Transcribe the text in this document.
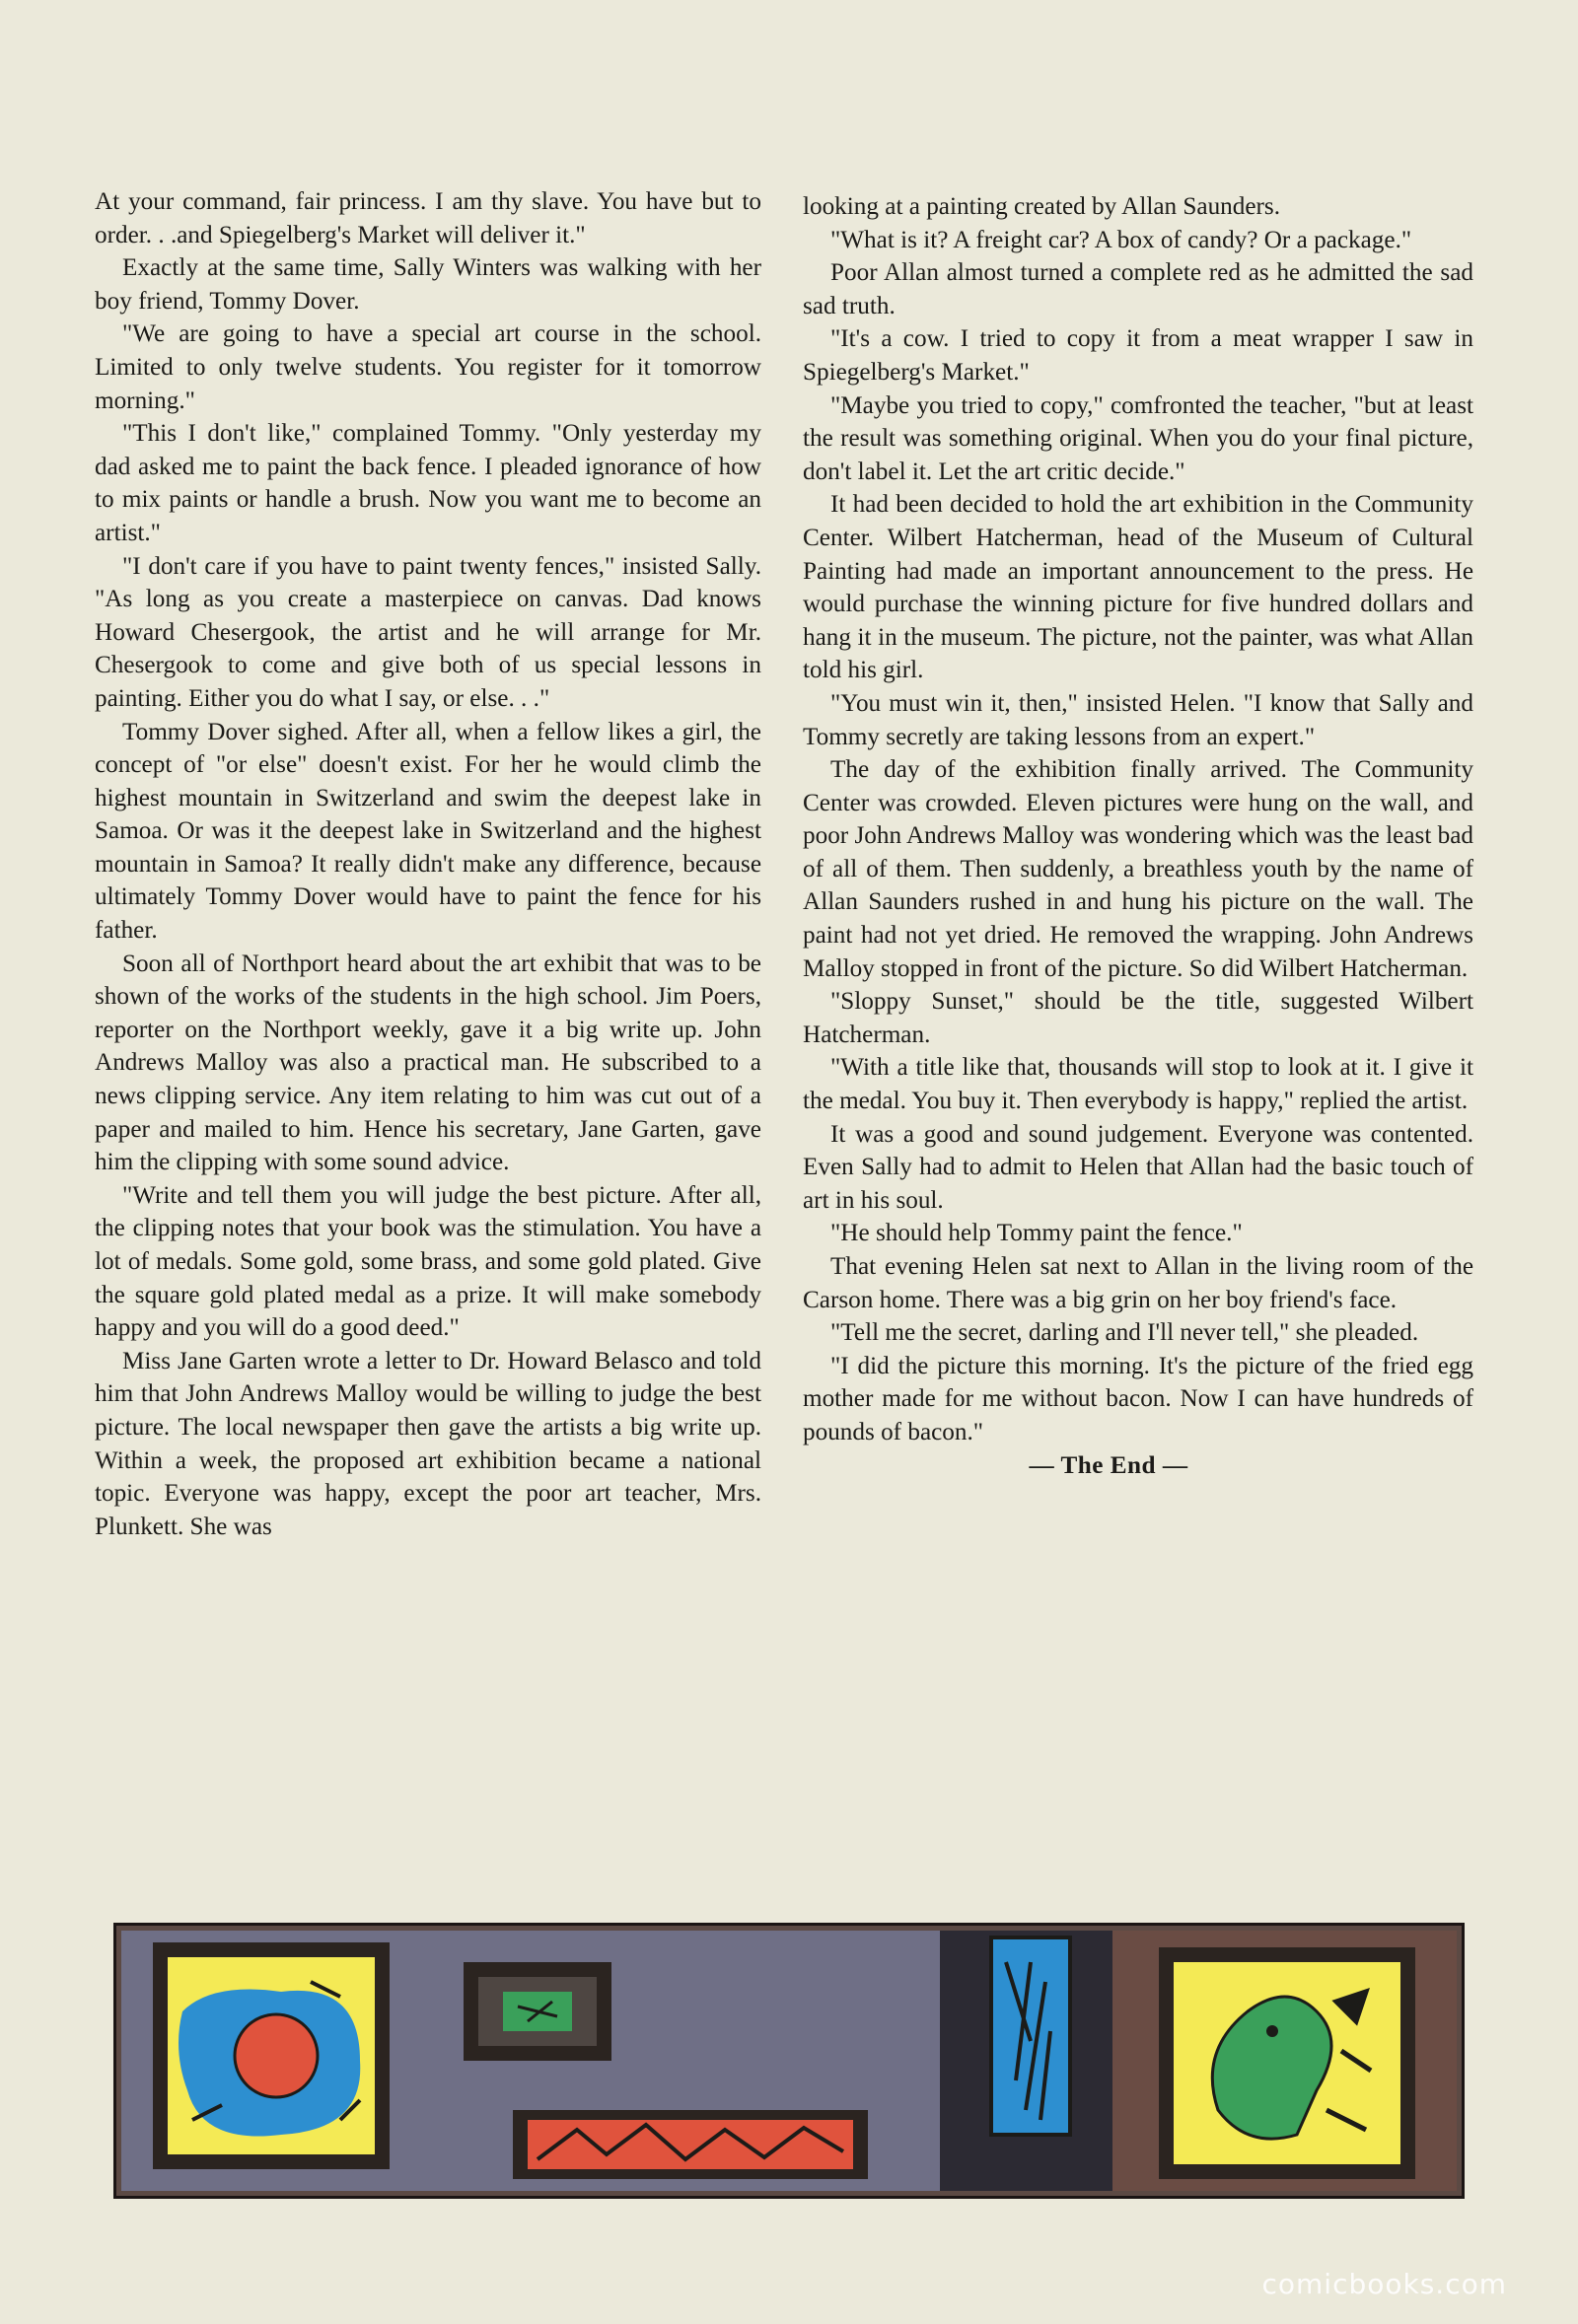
At your command, fair princess. I am thy slave. You have but to order. . .and Spiegelberg's Market will deliver it."

Exactly at the same time, Sally Winters was walking with her boy friend, Tommy Dover.

"We are going to have a special art course in the school. Limited to only twelve students. You register for it tomorrow morning."

"This I don't like," complained Tommy. "Only yesterday my dad asked me to paint the back fence. I pleaded ignorance of how to mix paints or handle a brush. Now you want me to become an artist."

"I don't care if you have to paint twenty fences," insisted Sally. "As long as you create a masterpiece on canvas. Dad knows Howard Chesergook, the artist and he will arrange for Mr. Chesergook to come and give both of us special lessons in painting. Either you do what I say, or else. . ."

Tommy Dover sighed. After all, when a fellow likes a girl, the concept of "or else" doesn't exist. For her he would climb the highest mountain in Switzerland and swim the deepest lake in Samoa. Or was it the deepest lake in Switzerland and the highest mountain in Samoa? It really didn't make any difference, because ultimately Tommy Dover would have to paint the fence for his father.

Soon all of Northport heard about the art exhibit that was to be shown of the works of the students in the high school. Jim Poers, reporter on the Northport weekly, gave it a big write up. John Andrews Malloy was also a practical man. He subscribed to a news clipping service. Any item relating to him was cut out of a paper and mailed to him. Hence his secretary, Jane Garten, gave him the clipping with some sound advice.

"Write and tell them you will judge the best picture. After all, the clipping notes that your book was the stimulation. You have a lot of medals. Some gold, some brass, and some gold plated. Give the square gold plated medal as a prize. It will make somebody happy and you will do a good deed."

Miss Jane Garten wrote a letter to Dr. Howard Belasco and told him that John Andrews Malloy would be willing to judge the best picture. The local newspaper then gave the artists a big write up. Within a week, the proposed art exhibition became a national topic. Everyone was happy, except the poor art teacher, Mrs. Plunkett. She was

looking at a painting created by Allan Saunders.

"What is it? A freight car? A box of candy? Or a package."

Poor Allan almost turned a complete red as he admitted the sad sad truth.

"It's a cow. I tried to copy it from a meat wrapper I saw in Spiegelberg's Market."

"Maybe you tried to copy," comfronted the teacher, "but at least the result was something original. When you do your final picture, don't label it. Let the art critic decide."

It had been decided to hold the art exhibition in the Community Center. Wilbert Hatcherman, head of the Museum of Cultural Painting had made an important announcement to the press. He would purchase the winning picture for five hundred dollars and hang it in the museum. The picture, not the painter, was what Allan told his girl.

"You must win it, then," insisted Helen. "I know that Sally and Tommy secretly are taking lessons from an expert."

The day of the exhibition finally arrived. The Community Center was crowded. Eleven pictures were hung on the wall, and poor John Andrews Malloy was wondering which was the least bad of all of them. Then suddenly, a breathless youth by the name of Allan Saunders rushed in and hung his picture on the wall. The paint had not yet dried. He removed the wrapping. John Andrews Malloy stopped in front of the picture. So did Wilbert Hatcherman.

"Sloppy Sunset," should be the title, suggested Wilbert Hatcherman.

"With a title like that, thousands will stop to look at it. I give it the medal. You buy it. Then everybody is happy," replied the artist.

It was a good and sound judgement. Everyone was contented. Even Sally had to admit to Helen that Allan had the basic touch of art in his soul.

"He should help Tommy paint the fence."

That evening Helen sat next to Allan in the living room of the Carson home. There was a big grin on her boy friend's face.

"Tell me the secret, darling and I'll never tell," she pleaded.

"I did the picture this morning. It's the picture of the fried egg mother made for me without bacon. Now I can have hundreds of pounds of bacon."

— The End —

comicbooks.com
